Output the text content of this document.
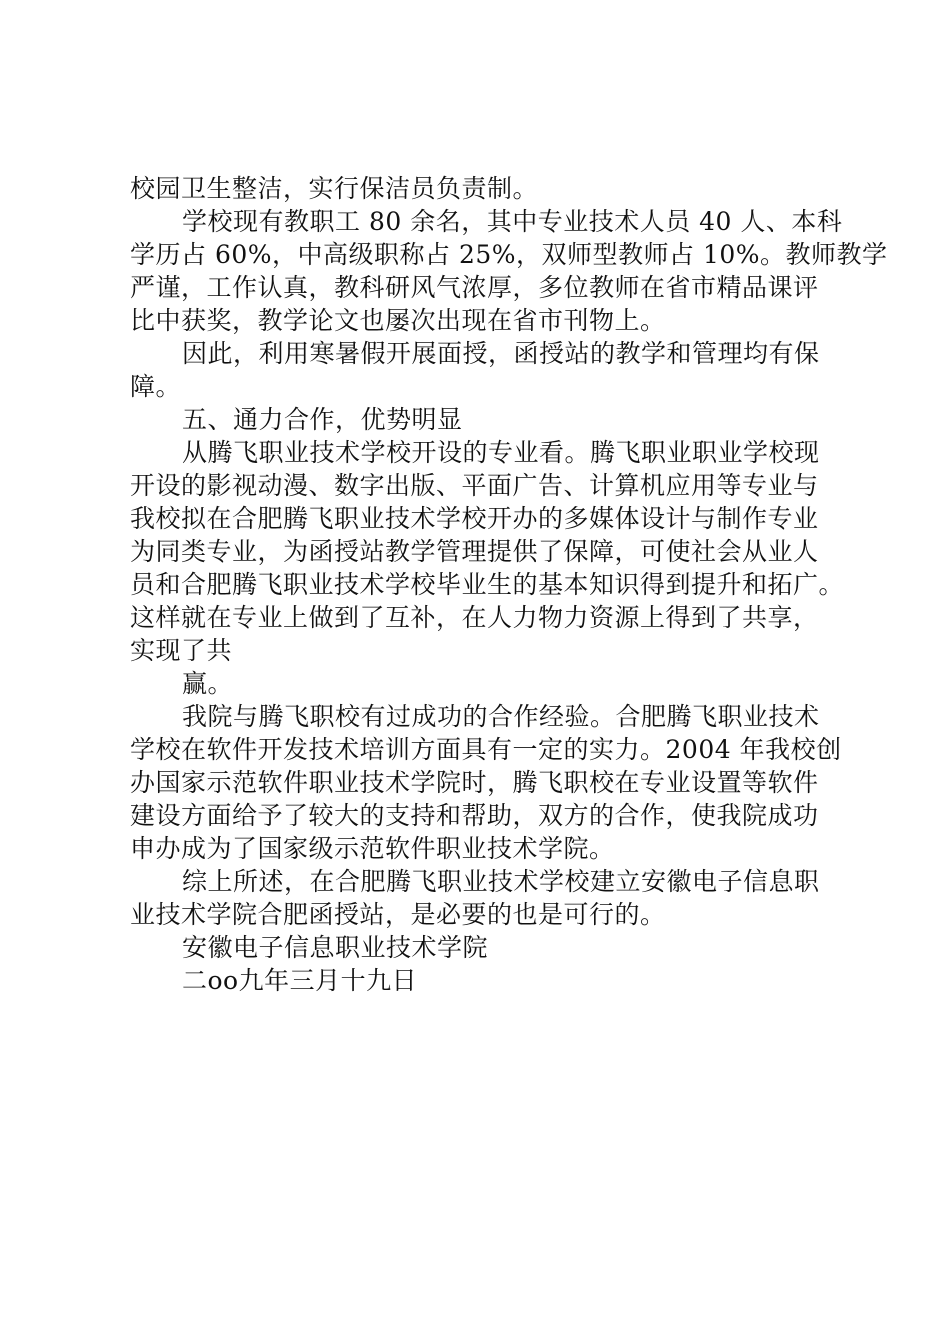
校园卫生整洁，实行保洁员负责制。
学校现有教职工 80 余名，其中专业技术人员 40 人、本科
学历占 60%，中高级职称占 25%，双师型教师占 10%。教师教学
严谨，工作认真，教科研风气浓厚，多位教师在省市精品课评
比中获奖，教学论文也屡次出现在省市刊物上。
因此，利用寒暑假开展面授，函授站的教学和管理均有保
障。
五、通力合作，优势明显
从腾飞职业技术学校开设的专业看。腾飞职业职业学校现
开设的影视动漫、数字出版、平面广告、计算机应用等专业与
我校拟在合肥腾飞职业技术学校开办的多媒体设计与制作专业
为同类专业，为函授站教学管理提供了保障，可使社会从业人
员和合肥腾飞职业技术学校毕业生的基本知识得到提升和拓广。
这样就在专业上做到了互补，在人力物力资源上得到了共享，
实现了共
赢。
我院与腾飞职校有过成功的合作经验。合肥腾飞职业技术
学校在软件开发技术培训方面具有一定的实力。2004 年我校创
办国家示范软件职业技术学院时，腾飞职校在专业设置等软件
建设方面给予了较大的支持和帮助，双方的合作，使我院成功
申办成为了国家级示范软件职业技术学院。
综上所述，在合肥腾飞职业技术学校建立安徽电子信息职
业技术学院合肥函授站，是必要的也是可行的。
安徽电子信息职业技术学院
二oo九年三月十九日
